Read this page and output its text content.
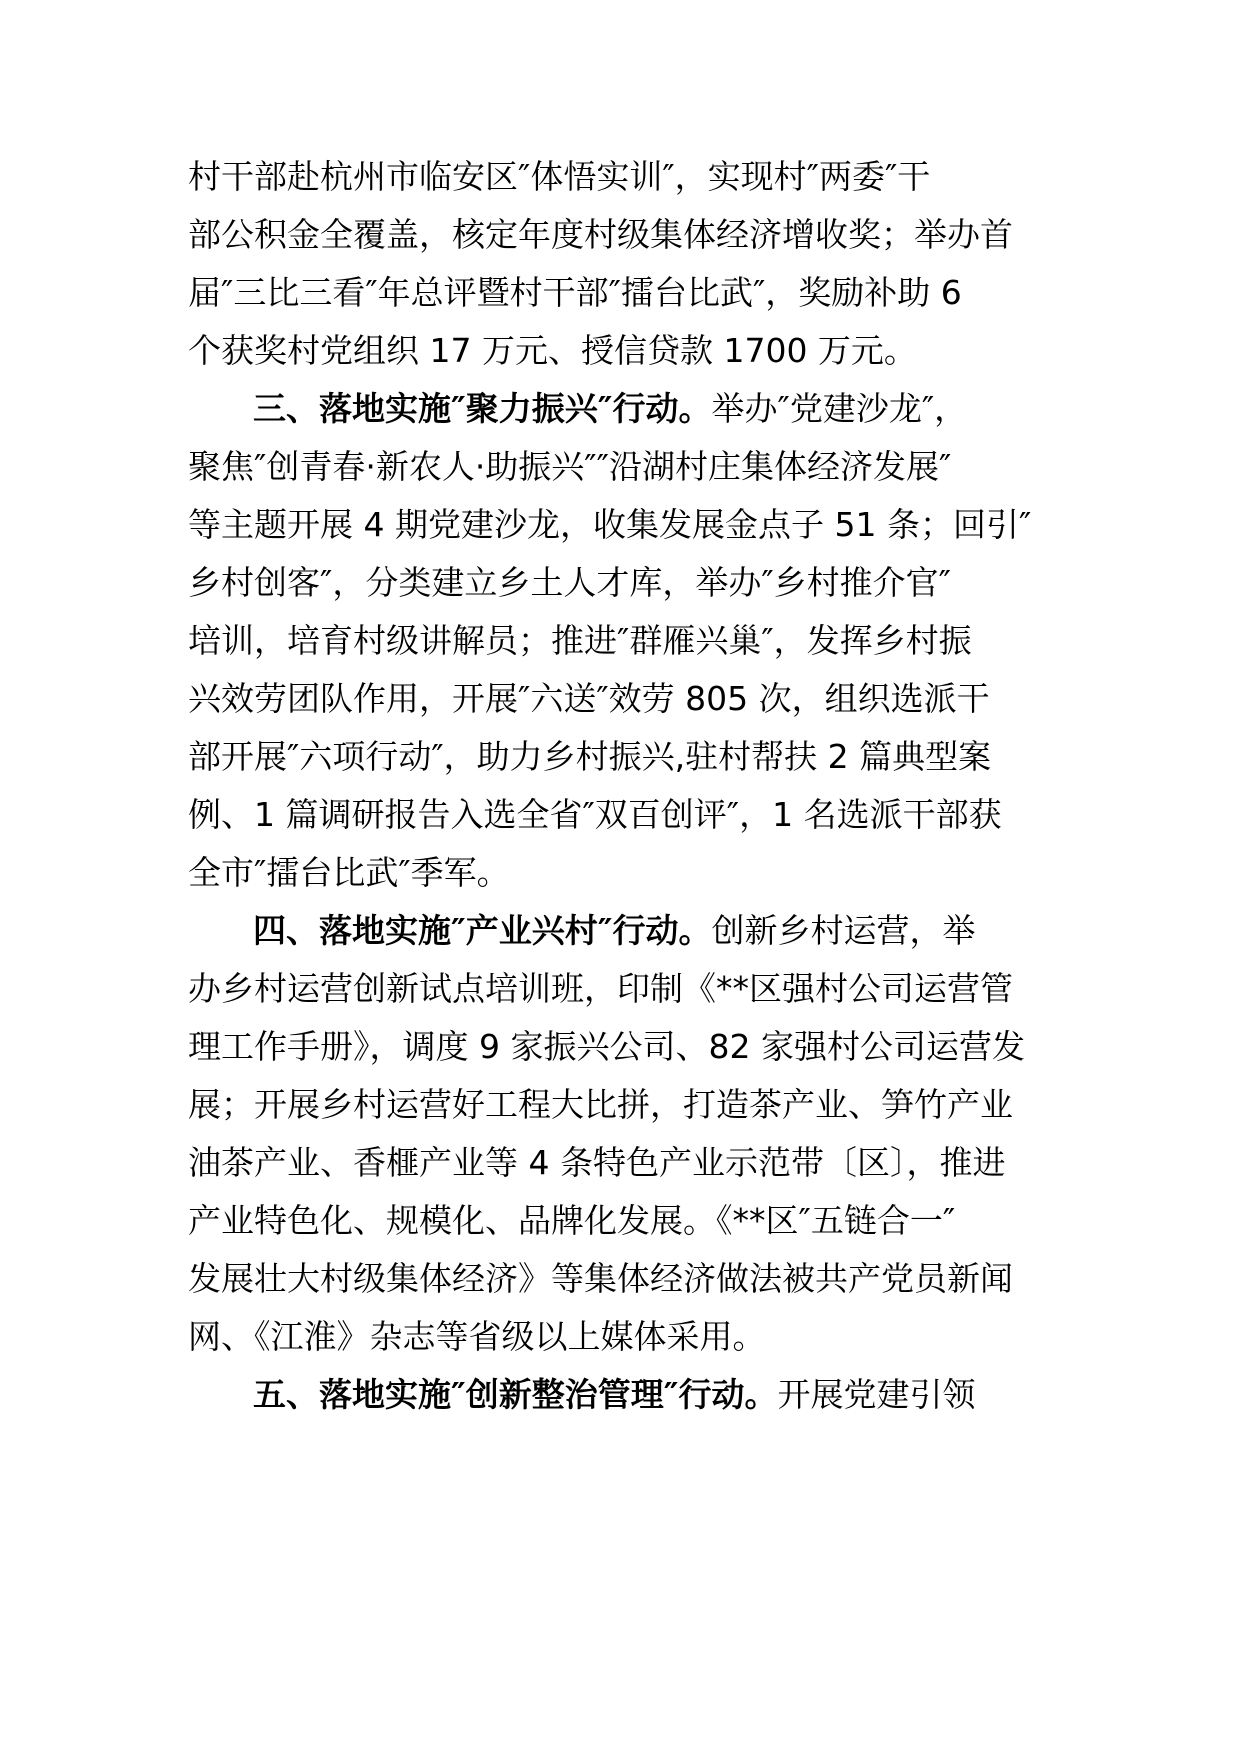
村干部赴杭州市临安区″体悟实训″，实现村″两委″干
部公积金全覆盖，核定年度村级集体经济增收奖；举办首
届″三比三看″年总评暨村干部″擂台比武″，奖励补助 6
个获奖村党组织 17 万元、授信贷款 1700 万元。
三、落地实施″聚力振兴″行动。举办″党建沙龙″，
聚焦″创青春·新农人·助振兴″″沿湖村庄集体经济发展″
等主题开展 4 期党建沙龙，收集发展金点子 51 条；回引″
乡村创客″，分类建立乡土人才库，举办″乡村推介官″
培训，培育村级讲解员；推进″群雁兴巢″，发挥乡村振
兴效劳团队作用，开展″六送″效劳 805 次，组织选派干
部开展″六项行动″，助力乡村振兴,驻村帮扶 2 篇典型案
例、1 篇调研报告入选全省″双百创评″，1 名选派干部获
全市″擂台比武″季军。
四、落地实施″产业兴村″行动。创新乡村运营，举
办乡村运营创新试点培训班，印制《**区强村公司运营管
理工作手册》，调度 9 家振兴公司、82 家强村公司运营发
展；开展乡村运营好工程大比拼，打造茶产业、笋竹产业
油茶产业、香榧产业等 4 条特色产业示范带〔区〕，推进
产业特色化、规模化、品牌化发展。《**区″五链合一″
发展壮大村级集体经济》等集体经济做法被共产党员新闻
网、《江淮》杂志等省级以上媒体采用。
五、落地实施″创新整治管理″行动。开展党建引领
